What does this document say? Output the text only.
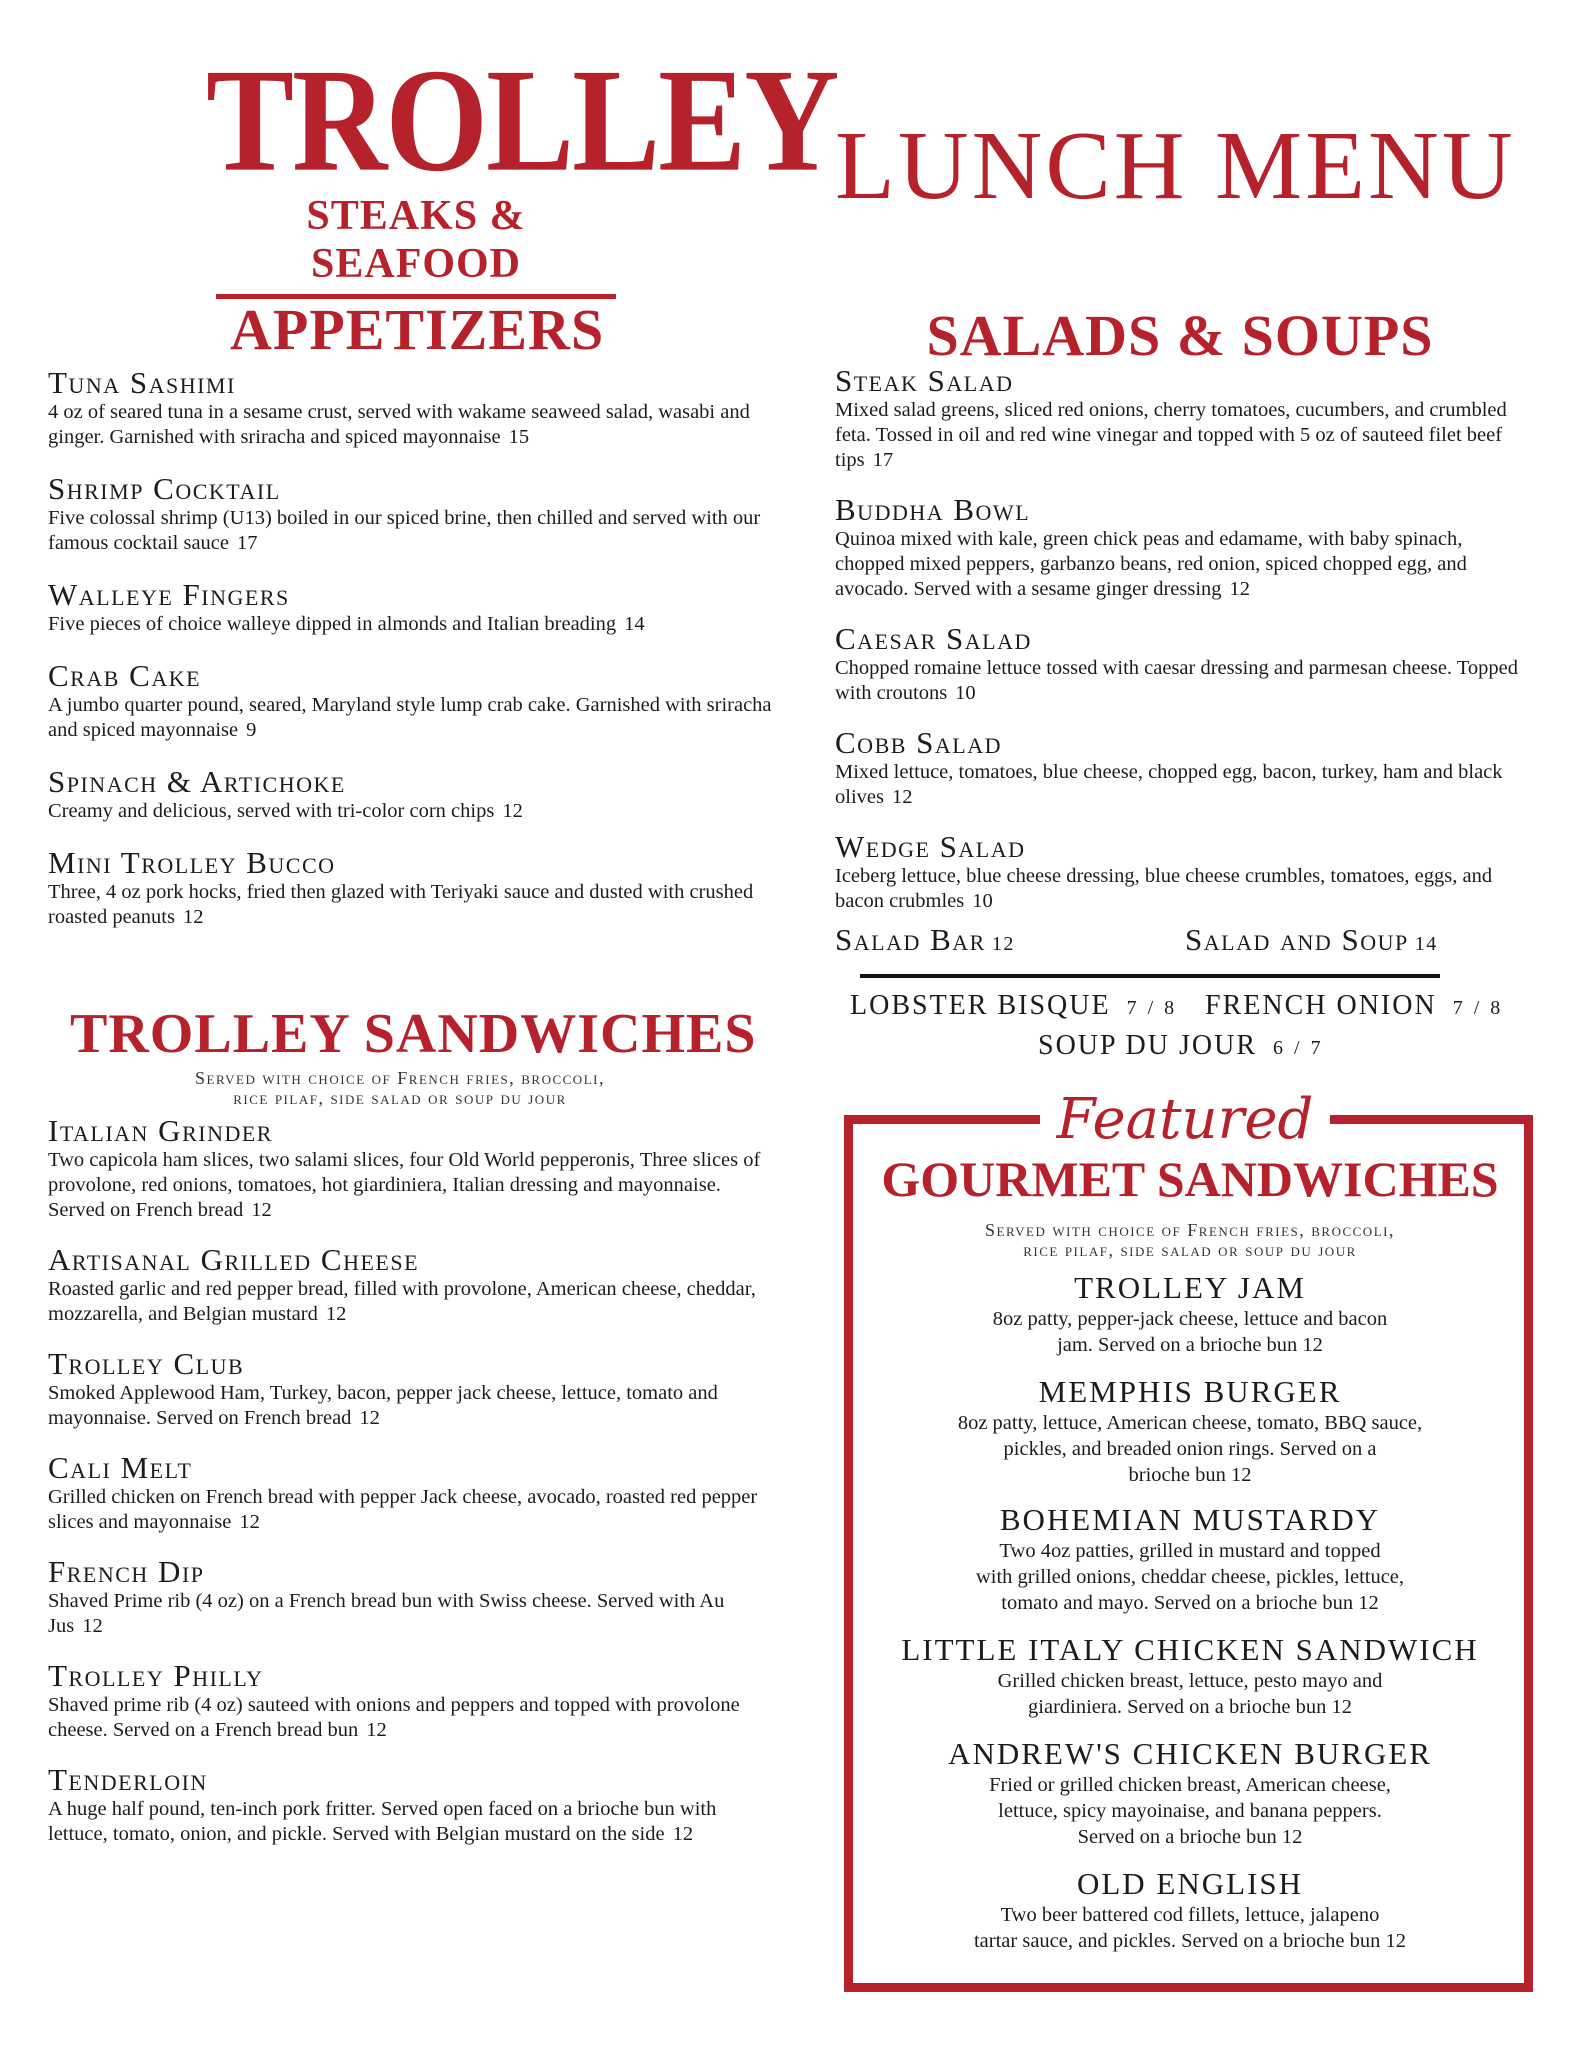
TROLLEY
STEAKS & SEAFOOD
LUNCH MENU
APPETIZERS
Tuna Sashimi
4 oz of seared tuna in a sesame crust, served with wakame seaweed salad, wasabi and ginger. Garnished with sriracha and spiced mayonnaise 15
Shrimp Cocktail
Five colossal shrimp (U13) boiled in our spiced brine, then chilled and served with our famous cocktail sauce 17
Walleye Fingers
Five pieces of choice walleye dipped in almonds and Italian breading 14
Crab Cake
A jumbo quarter pound, seared, Maryland style lump crab cake. Garnished with sriracha and spiced mayonnaise 9
Spinach & Artichoke
Creamy and delicious, served with tri-color corn chips 12
Mini Trolley Bucco
Three, 4 oz pork hocks, fried then glazed with Teriyaki sauce and dusted with crushed roasted peanuts 12
TROLLEY SANDWICHES
Served with choice of French fries, broccoli,
rice pilaf, side salad or soup du jour
Italian Grinder
Two capicola ham slices, two salami slices, four Old World pepperonis, Three slices of provolone, red onions, tomatoes, hot giardiniera, Italian dressing and mayonnaise. Served on French bread 12
Artisanal Grilled Cheese
Roasted garlic and red pepper bread, filled with provolone, American cheese, cheddar, mozzarella, and Belgian mustard 12
Trolley Club
Smoked Applewood Ham, Turkey, bacon, pepper jack cheese, lettuce, tomato and mayonnaise. Served on French bread 12
Cali Melt
Grilled chicken on French bread with pepper Jack cheese, avocado, roasted red pepper slices and mayonnaise 12
French Dip
Shaved Prime rib (4 oz) on a French bread bun with Swiss cheese. Served with Au Jus 12
Trolley Philly
Shaved prime rib (4 oz) sauteed with onions and peppers and topped with provolone cheese. Served on a French bread bun 12
Tenderloin
A huge half pound, ten-inch pork fritter. Served open faced on a brioche bun with lettuce, tomato, onion, and pickle. Served with Belgian mustard on the side 12
SALADS & SOUPS
Steak Salad
Mixed salad greens, sliced red onions, cherry tomatoes, cucumbers, and crumbled feta. Tossed in oil and red wine vinegar and topped with 5 oz of sauteed filet beef tips 17
Buddha Bowl
Quinoa mixed with kale, green chick peas and edamame, with baby spinach, chopped mixed peppers, garbanzo beans, red onion, spiced chopped egg, and avocado. Served with a sesame ginger dressing 12
Caesar Salad
Chopped romaine lettuce tossed with caesar dressing and parmesan cheese. Topped with croutons 10
Cobb Salad
Mixed lettuce, tomatoes, blue cheese, chopped egg, bacon, turkey, ham and black olives 12
Wedge Salad
Iceberg lettuce, blue cheese dressing, blue cheese crumbles, tomatoes, eggs, and bacon crubmles 10
Salad Bar 12	Salad and Soup 14
LOBSTER BISQUE 7 / 8 FRENCH ONION 7 / 8
SOUP DU JOUR 6 / 7
Featured
GOURMET SANDWICHES
Served with choice of French fries, broccoli,
rice pilaf, side salad or soup du jour
TROLLEY JAM
8oz patty, pepper-jack cheese, lettuce and bacon
jam. Served on a brioche bun 12
MEMPHIS BURGER
8oz patty, lettuce, American cheese, tomato, BBQ sauce,
pickles, and breaded onion rings. Served on a
brioche bun 12
BOHEMIAN MUSTARDY
Two 4oz patties, grilled in mustard and topped
with grilled onions, cheddar cheese, pickles, lettuce,
tomato and mayo. Served on a brioche bun 12
LITTLE ITALY CHICKEN SANDWICH
Grilled chicken breast, lettuce, pesto mayo and
giardiniera. Served on a brioche bun 12
ANDREW'S CHICKEN BURGER
Fried or grilled chicken breast, American cheese,
lettuce, spicy mayoinaise, and banana peppers.
Served on a brioche bun 12
OLD ENGLISH
Two beer battered cod fillets, lettuce, jalapeno
tartar sauce, and pickles. Served on a brioche bun 12
